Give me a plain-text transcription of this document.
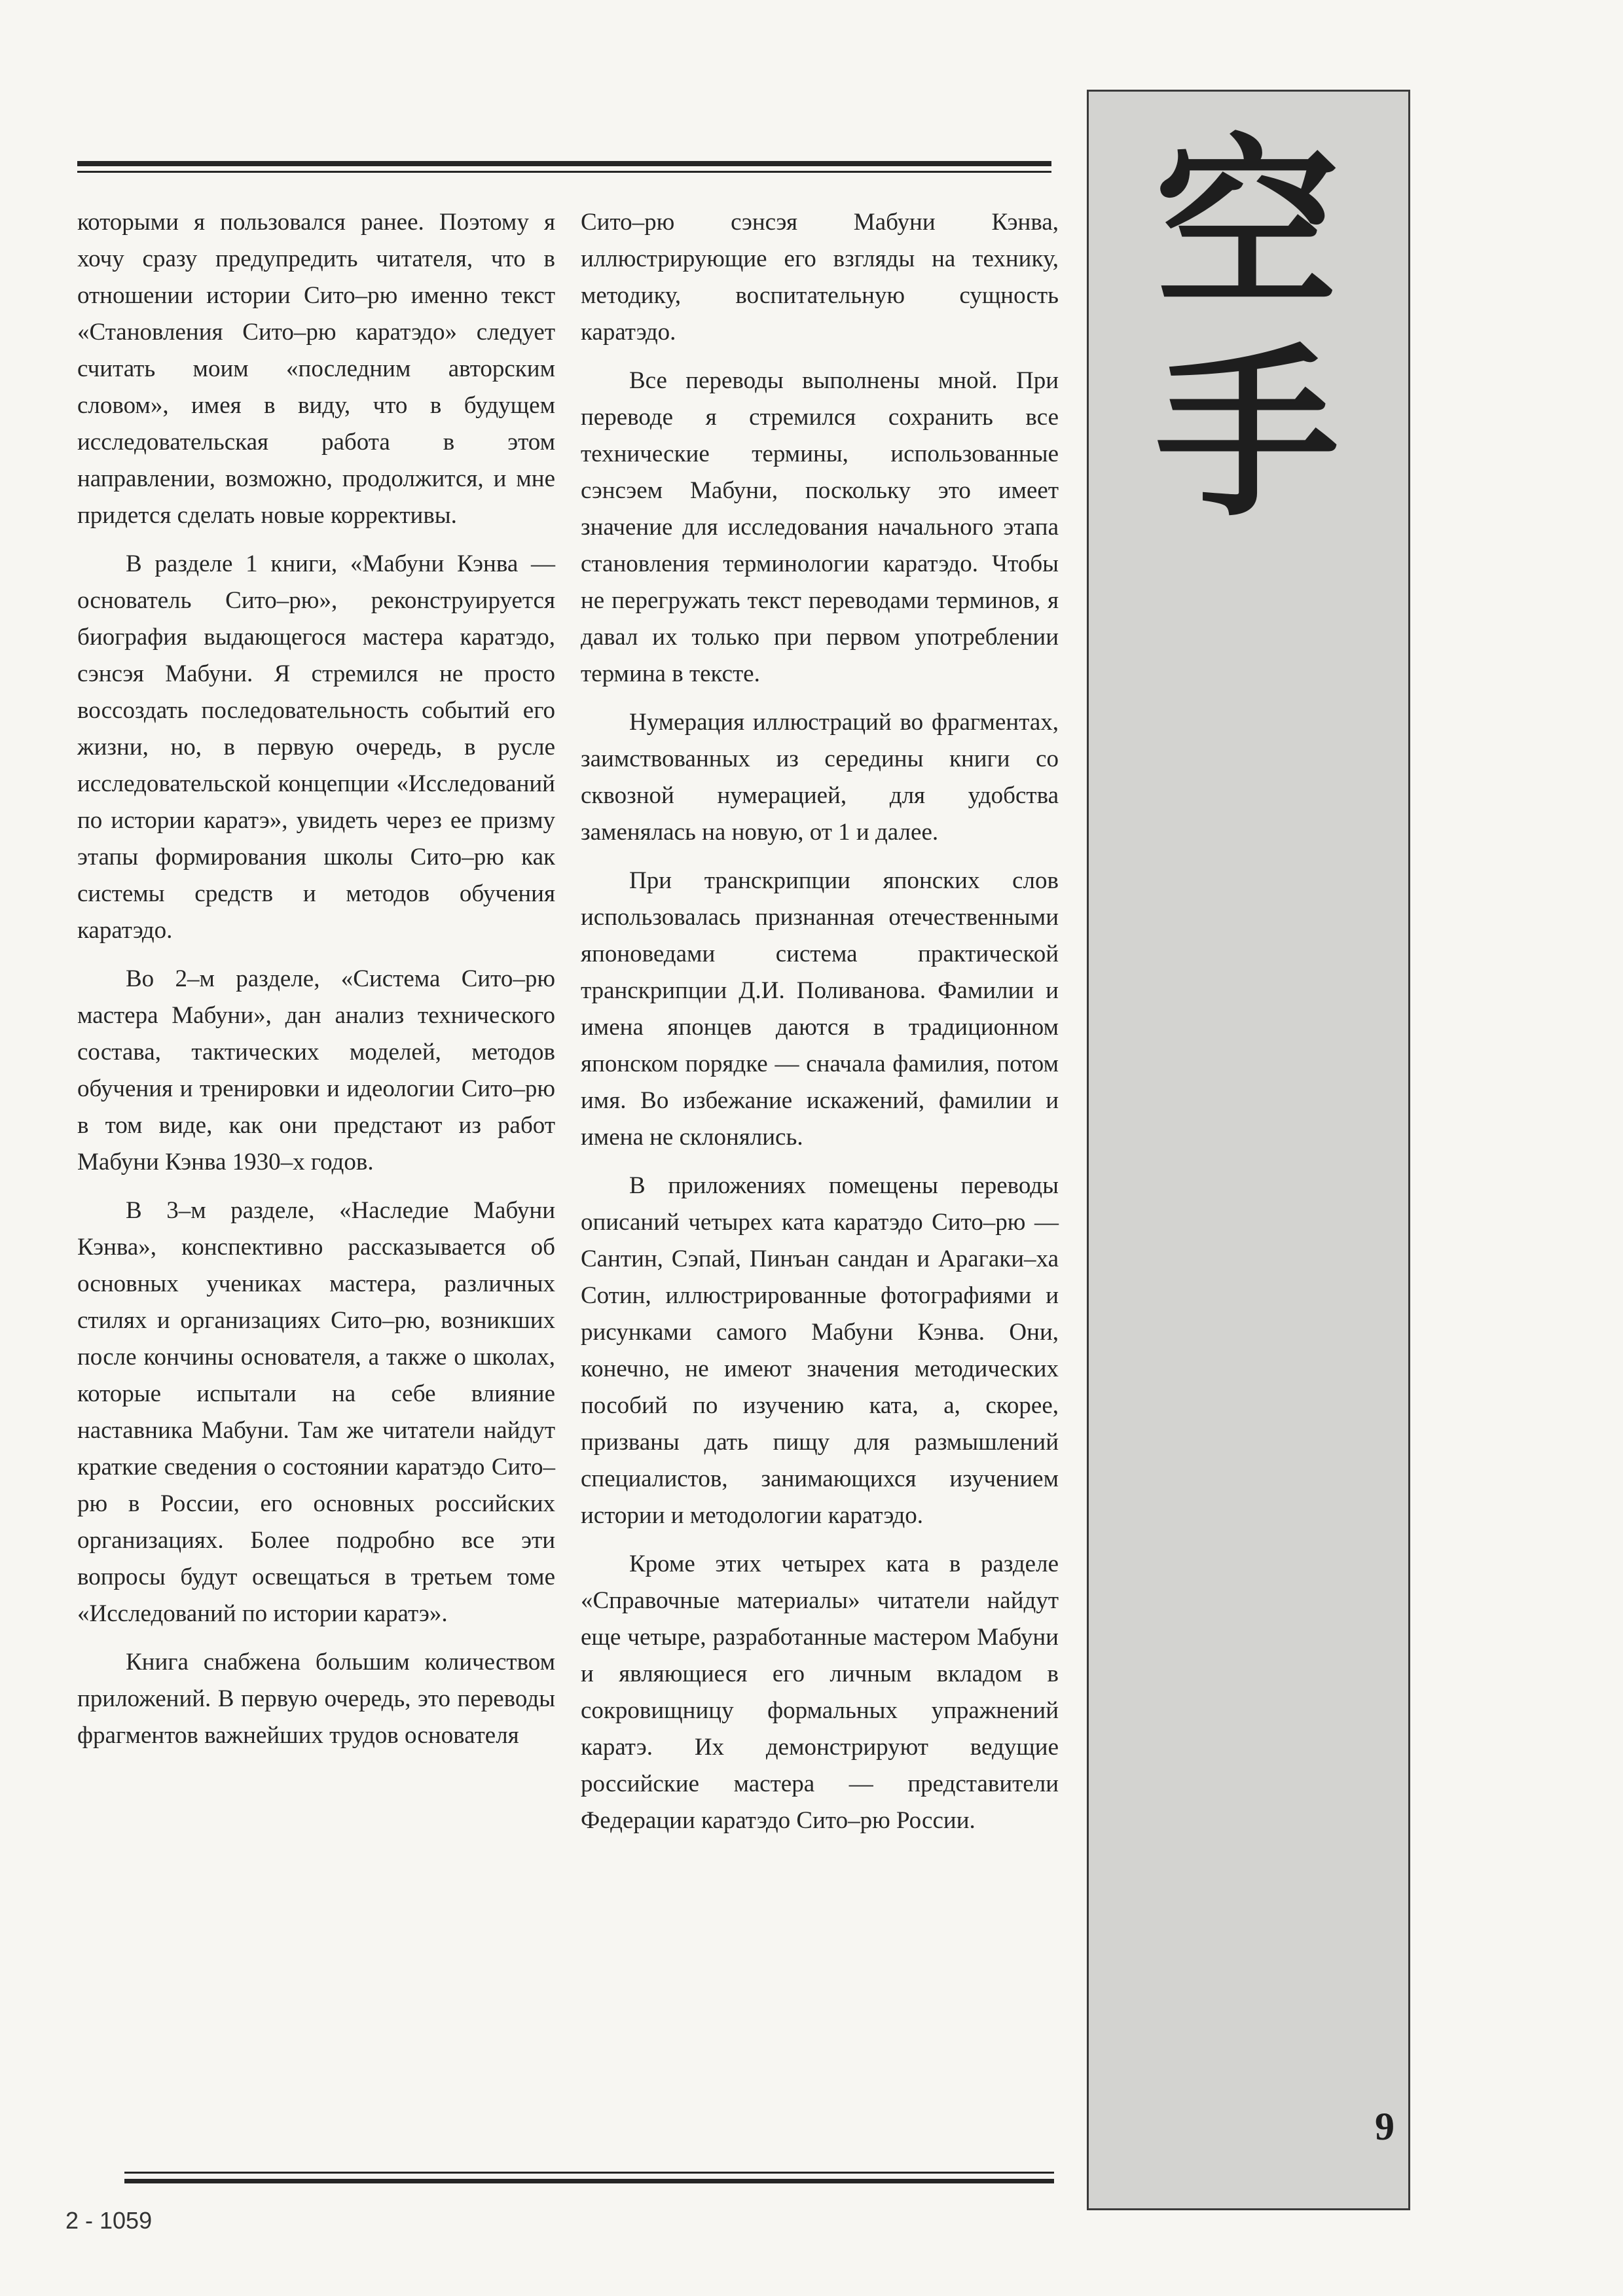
которыми я пользовался ранее. Поэтому я хочу сразу предупредить читателя, что в отношении истории Сито–рю именно текст «Становления Сито–рю каратэдо» следует считать моим «последним авторским словом», имея в виду, что в будущем исследовательская работа в этом направлении, возможно, продолжится, и мне придется сделать новые коррективы.

В разделе 1 книги, «Мабуни Кэнва — основатель Сито–рю», реконструируется биография выдающегося мастера каратэдо, сэнсэя Мабуни. Я стремился не просто воссоздать последовательность событий его жизни, но, в первую очередь, в русле исследовательской концепции «Исследований по истории каратэ», увидеть через ее призму этапы формирования школы Сито–рю как системы средств и методов обучения каратэдо.

Во 2–м разделе, «Система Сито–рю мастера Мабуни», дан анализ технического состава, тактических моделей, методов обучения и тренировки и идеологии Сито–рю в том виде, как они предстают из работ Мабуни Кэнва 1930–х годов.

В 3–м разделе, «Наследие Мабуни Кэнва», конспективно рассказывается об основных учениках мастера, различных стилях и организациях Сито–рю, возникших после кончины основателя, а также о школах, которые испытали на себе влияние наставника Мабуни. Там же читатели найдут краткие сведения о состоянии каратэдо Сито–рю в России, его основных российских организациях. Более подробно все эти вопросы будут освещаться в третьем томе «Исследований по истории каратэ».

Книга снабжена большим количеством приложений. В первую очередь, это переводы фрагментов важнейших трудов основателя

Сито–рю сэнсэя Мабуни Кэнва, иллюстрирующие его взгляды на технику, методику, воспитательную сущность каратэдо.

Все переводы выполнены мной. При переводе я стремился сохранить все технические термины, использованные сэнсэем Мабуни, поскольку это имеет значение для исследования начального этапа становления терминологии каратэдо. Чтобы не перегружать текст переводами терминов, я давал их только при первом употреблении термина в тексте.

Нумерация иллюстраций во фрагментах, заимствованных из середины книги со сквозной нумерацией, для удобства заменялась на новую, от 1 и далее.

При транскрипции японских слов использовалась признанная отечественными японоведами система практической транскрипции Д.И. Поливанова. Фамилии и имена японцев даются в традиционном японском порядке — сначала фамилия, потом имя. Во избежание искажений, фамилии и имена не склонялись.

В приложениях помещены переводы описаний четырех ката каратэдо Сито–рю — Сантин, Сэпай, Пинъан сандан и Арагаки–ха Сотин, иллюстрированные фотографиями и рисунками самого Мабуни Кэнва. Они, конечно, не имеют значения методических пособий по изучению ката, а, скорее, призваны дать пищу для размышлений специалистов, занимающихся изучением истории и методологии каратэдо.

Кроме этих четырех ката в разделе «Справочные материалы» читатели найдут еще четыре, разработанные мастером Мабуни и являющиеся его личным вкладом в сокровищницу формальных упражнений каратэ. Их демонстрируют ведущие российские мастера — представители Федерации каратэдо Сито–рю России.

空
手
9
2 - 1059
